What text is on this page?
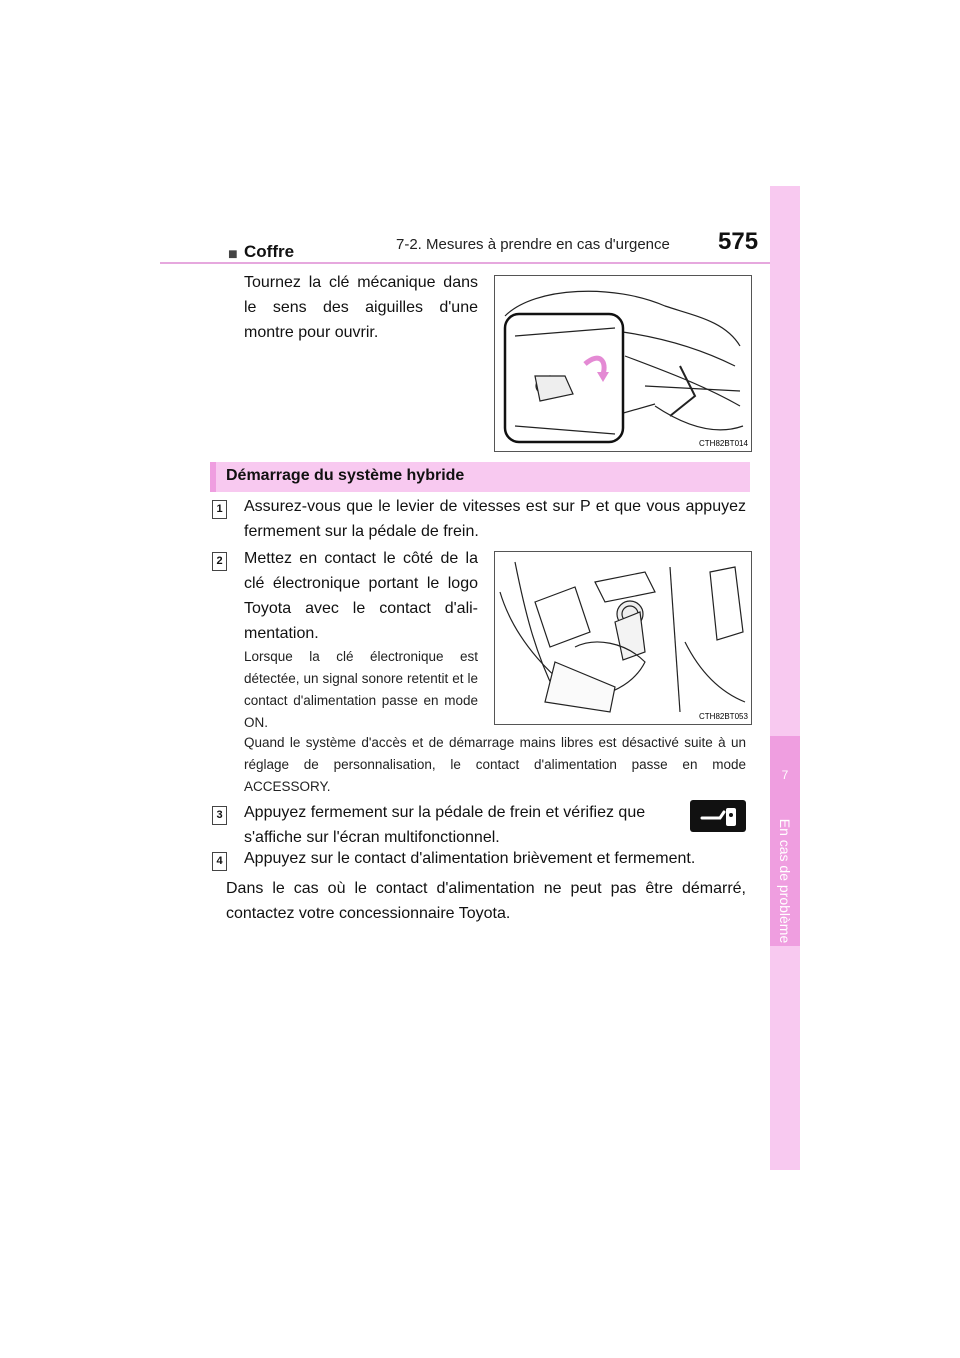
7-2. Mesures à prendre en cas d'urgence 575
7
En cas de problème
■ Coffre
Tournez la clé mécanique dans le sens des aiguilles d'une montre pour ouvrir.
CTH82BT014
Démarrage du système hybride
1 Assurez-vous que le levier de vitesses est sur P et que vous appuyez fermement sur la pédale de frein.
2 Mettez en contact le côté de la clé électronique portant le logo Toyota avec le contact d'ali-mentation.
Lorsque la clé électronique est détectée, un signal sonore retentit et le contact d'alimentation passe en mode ON.
Quand le système d'accès et de démarrage mains libres est désactivé suite à un réglage de personnalisation, le contact d'alimentation passe en mode ACCESSORY.
CTH82BT053
3 Appuyez fermement sur la pédale de frein et vérifiez que
s'affiche sur l'écran multifonctionnel.
4 Appuyez sur le contact d'alimentation brièvement et fermement.
Dans le cas où le contact d'alimentation ne peut pas être démarré, contactez votre concessionnaire Toyota.
